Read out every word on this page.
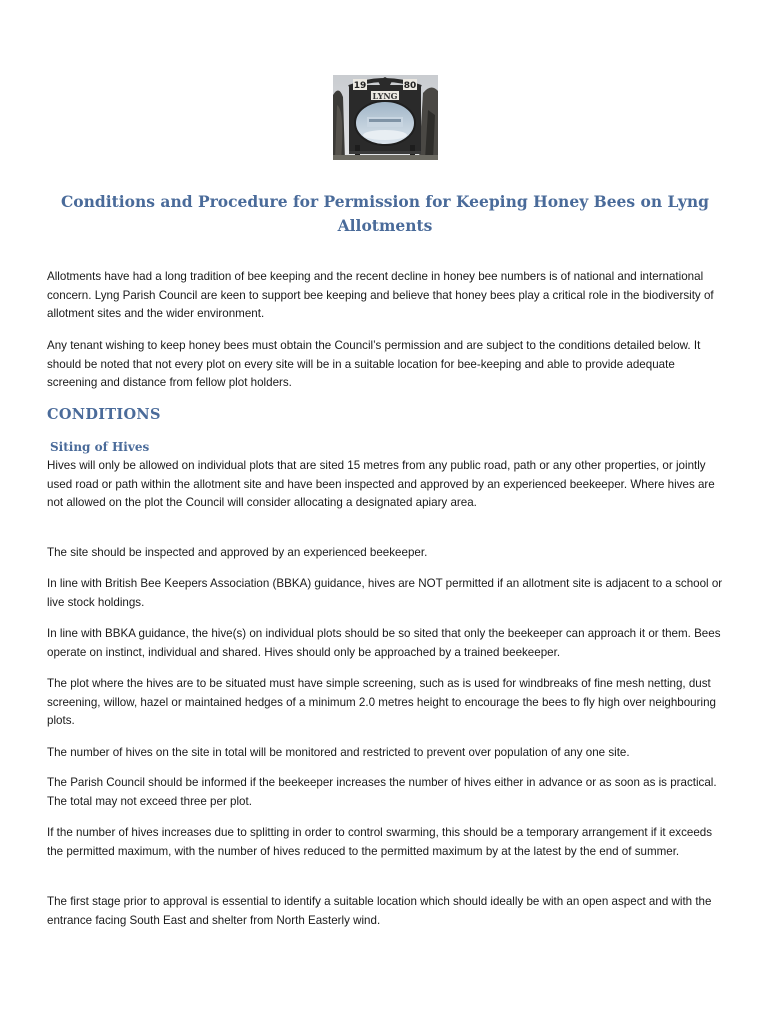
19	80
LYNG
Conditions and Procedure for Permission for Keeping Honey Bees on Lyng Allotments

Allotments have had a long tradition of bee keeping and the recent decline in honey bee numbers is of national and international concern. Lyng Parish Council are keen to support bee keeping and believe that honey bees play a critical role in the biodiversity of allotment sites and the wider environment.

Any tenant wishing to keep honey bees must obtain the Council’s permission and are subject to the conditions detailed below. It should be noted that not every plot on every site will be in a suitable location for bee-keeping and able to provide adequate screening and distance from fellow plot holders.

CONDITIONS
Siting of Hives

Hives will only be allowed on individual plots that are sited 15 metres from any public road, path or any other properties, or jointly used road or path within the allotment site and have been inspected and approved by an experienced beekeeper. Where hives are not allowed on the plot the Council will consider allocating a designated apiary area.

The site should be inspected and approved by an experienced beekeeper.

In line with British Bee Keepers Association (BBKA) guidance, hives are NOT permitted if an allotment site is adjacent to a school or live stock holdings.

In line with BBKA guidance, the hive(s) on individual plots should be so sited that only the beekeeper can approach it or them. Bees operate on instinct, individual and shared. Hives should only be approached by a trained beekeeper.

The plot where the hives are to be situated must have simple screening, such as is used for windbreaks of fine mesh netting, dust screening, willow, hazel or maintained hedges of a minimum 2.0 metres height to encourage the bees to fly high over neighbouring plots.

The number of hives on the site in total will be monitored and restricted to prevent over population of any one site.

The Parish Council should be informed if the beekeeper increases the number of hives either in advance or as soon as is practical. The total may not exceed three per plot.

If the number of hives increases due to splitting in order to control swarming, this should be a temporary arrangement if it exceeds the permitted maximum, with the number of hives reduced to the permitted maximum by at the latest by the end of summer.

The first stage prior to approval is essential to identify a suitable location which should ideally be with an open aspect and with the entrance facing South East and shelter from North Easterly wind.
